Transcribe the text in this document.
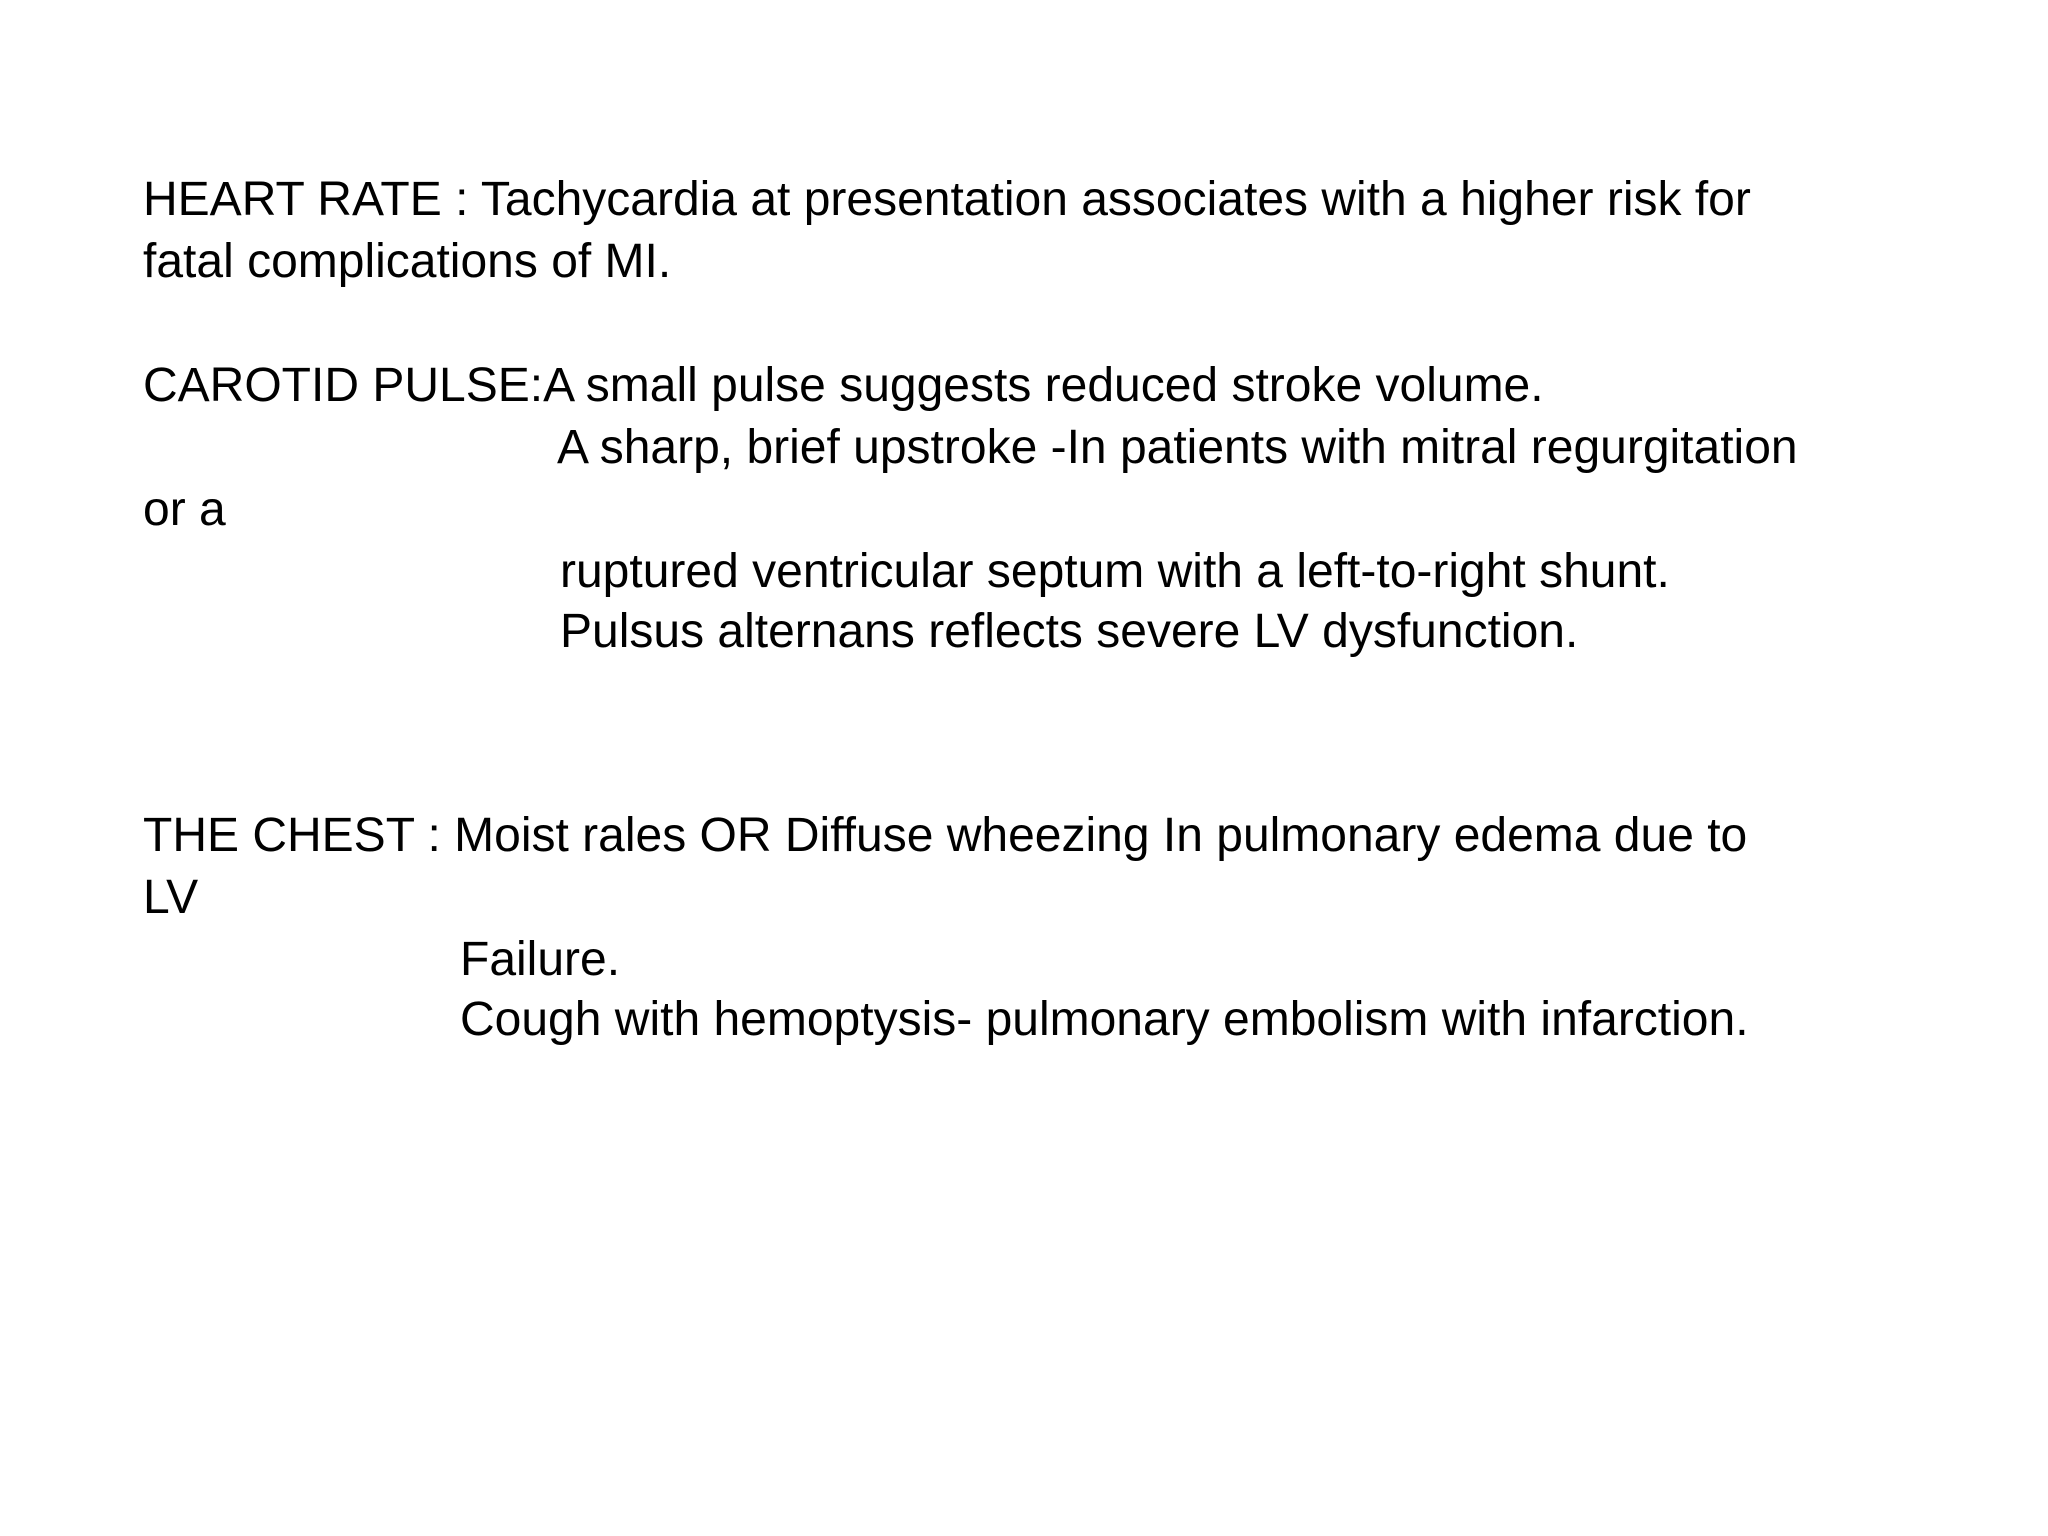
HEART RATE : Tachycardia at presentation associates with a higher risk for

fatal complications of MI.

CAROTID PULSE:A small pulse suggests reduced stroke volume.

A sharp, brief upstroke -In patients with mitral regurgitation

or a

ruptured ventricular septum with a left-to-right shunt.

Pulsus alternans reflects severe LV dysfunction.

THE CHEST : Moist rales OR Diffuse wheezing In pulmonary edema due to

LV

Failure.

Cough with hemoptysis- pulmonary embolism with infarction.
